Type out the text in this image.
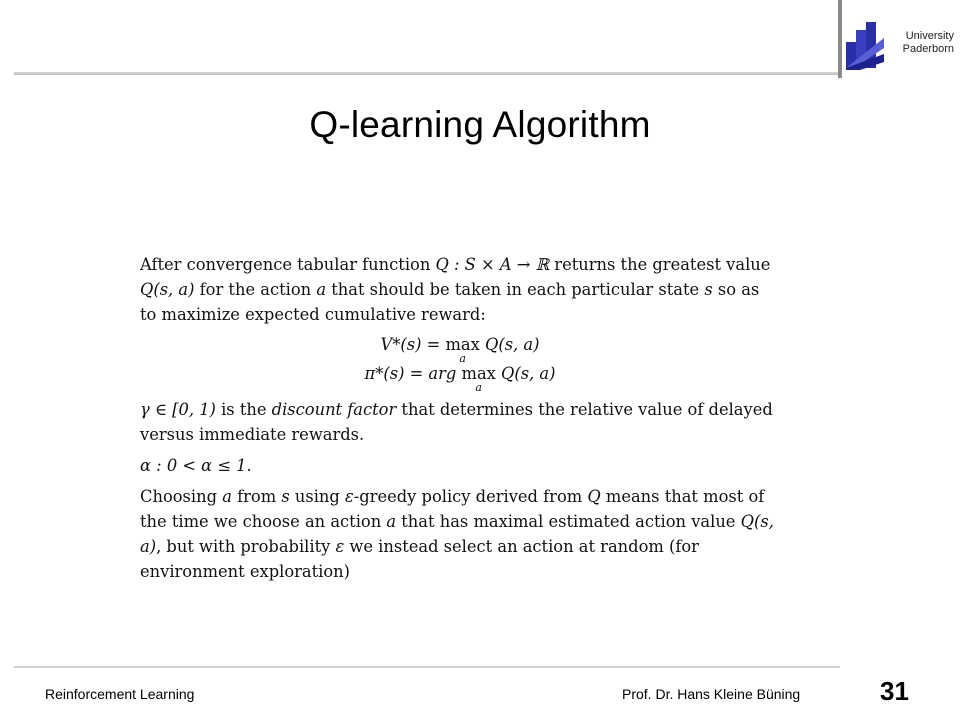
University
Paderborn
Q-learning Algorithm

After convergence tabular function Q : S × A → ℝ returns the greatest value Q(s, a) for the action a that should be taken in each particular state s so as to maximize expected cumulative reward:

V*(s) = max
a
Q(s, a)
π*(s) = arg max
a
Q(s, a)

γ ∈ [0, 1) is the discount factor that determines the relative value of delayed versus immediate rewards.

α : 0 < α ≤ 1.

Choosing a from s using ε-greedy policy derived from Q means that most of the time we choose an action a that has maximal estimated action value Q(s, a), but with probability ε we instead select an action at random (for environment exploration)

Reinforcement Learning	Prof. Dr. Hans Kleine Büning	31
